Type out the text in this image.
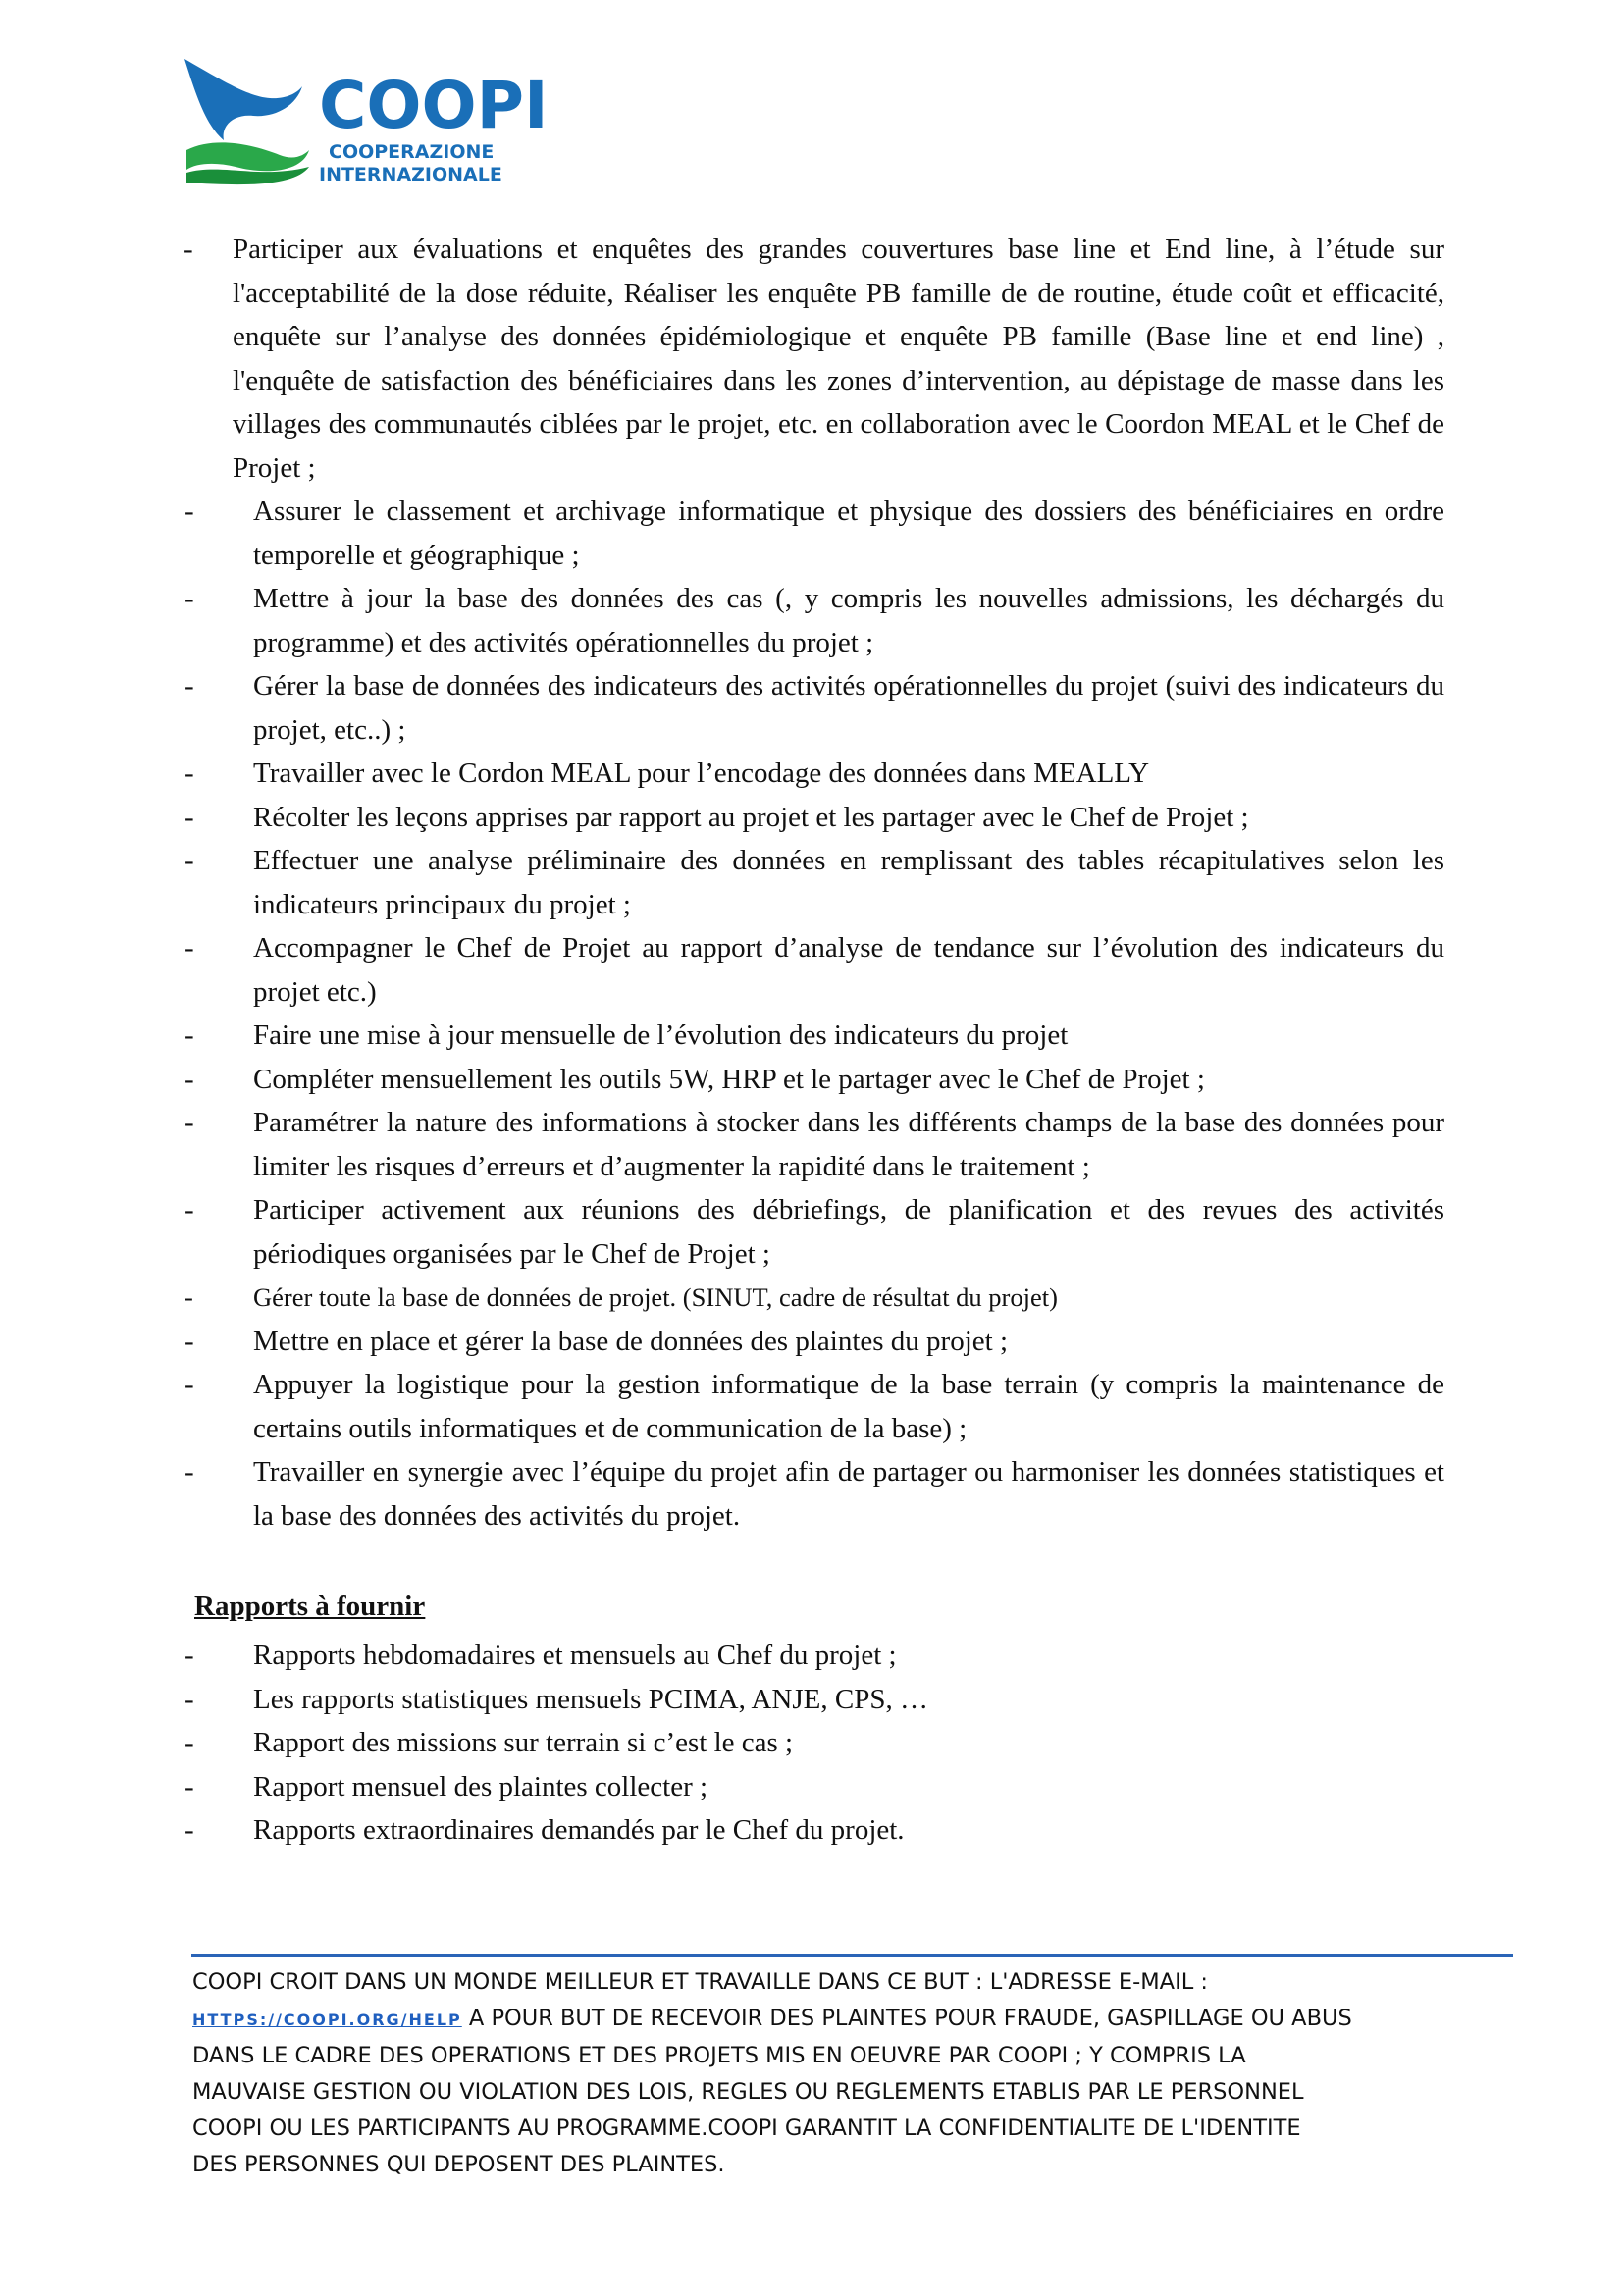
COOPI
COOPERAZIONE
INTERNAZIONALE
- Participer aux évaluations et enquêtes des grandes couvertures base line et End line, à l’étude sur l'acceptabilité de la dose réduite, Réaliser les enquête PB famille de de routine, étude coût et efficacité, enquête sur l’analyse des données épidémiologique et enquête PB famille (Base line et end line) , l'enquête de satisfaction des bénéficiaires dans les zones d’intervention, au dépistage de masse dans les villages des communautés ciblées par le projet, etc. en collaboration avec le Coordon MEAL et le Chef de Projet ;
- Assurer le classement et archivage informatique et physique des dossiers des bénéficiaires en ordre temporelle et géographique ;
- Mettre à jour la base des données des cas (, y compris les nouvelles admissions, les déchargés du programme) et des activités opérationnelles du projet ;
- Gérer la base de données des indicateurs des activités opérationnelles du projet (suivi des indicateurs du projet, etc..) ;
- Travailler avec le Cordon MEAL pour l’encodage des données dans MEALLY
- Récolter les leçons apprises par rapport au projet et les partager avec le Chef de Projet ;
- Effectuer une analyse préliminaire des données en remplissant des tables récapitulatives selon les indicateurs principaux du projet ;
- Accompagner le Chef de Projet au rapport d’analyse de tendance sur l’évolution des indicateurs du projet etc.)
- Faire une mise à jour mensuelle de l’évolution des indicateurs du projet
- Compléter mensuellement les outils 5W, HRP et le partager avec le Chef de Projet ;
- Paramétrer la nature des informations à stocker dans les différents champs de la base des données pour limiter les risques d’erreurs et d’augmenter la rapidité dans le traitement ;
- Participer activement aux réunions des débriefings, de planification et des revues des activités périodiques organisées par le Chef de Projet ;
- Gérer toute la base de données de projet. (SINUT, cadre de résultat du projet)
- Mettre en place et gérer la base de données des plaintes du projet ;
- Appuyer la logistique pour la gestion informatique de la base terrain (y compris la maintenance de certains outils informatiques et de communication de la base) ;
- Travailler en synergie avec l’équipe du projet afin de partager ou harmoniser les données statistiques et la base des données des activités du projet.
Rapports à fournir
- Rapports hebdomadaires et mensuels au Chef du projet ;
- Les rapports statistiques mensuels PCIMA, ANJE, CPS, …
- Rapport des missions sur terrain si c’est le cas ;
- Rapport mensuel des plaintes collecter ;
- Rapports extraordinaires demandés par le Chef du projet.
COOPI CROIT DANS UN MONDE MEILLEUR ET TRAVAILLE DANS CE BUT : L'ADRESSE E-MAIL :
HTTPS://COOPI.ORG/HELP A POUR BUT DE RECEVOIR DES PLAINTES POUR FRAUDE, GASPILLAGE OU ABUS
DANS LE CADRE DES OPERATIONS ET DES PROJETS MIS EN OEUVRE PAR COOPI ; Y COMPRIS LA
MAUVAISE GESTION OU VIOLATION DES LOIS, REGLES OU REGLEMENTS ETABLIS PAR LE PERSONNEL
COOPI OU LES PARTICIPANTS AU PROGRAMME.COOPI GARANTIT LA CONFIDENTIALITE DE L'IDENTITE
DES PERSONNES QUI DEPOSENT DES PLAINTES.
